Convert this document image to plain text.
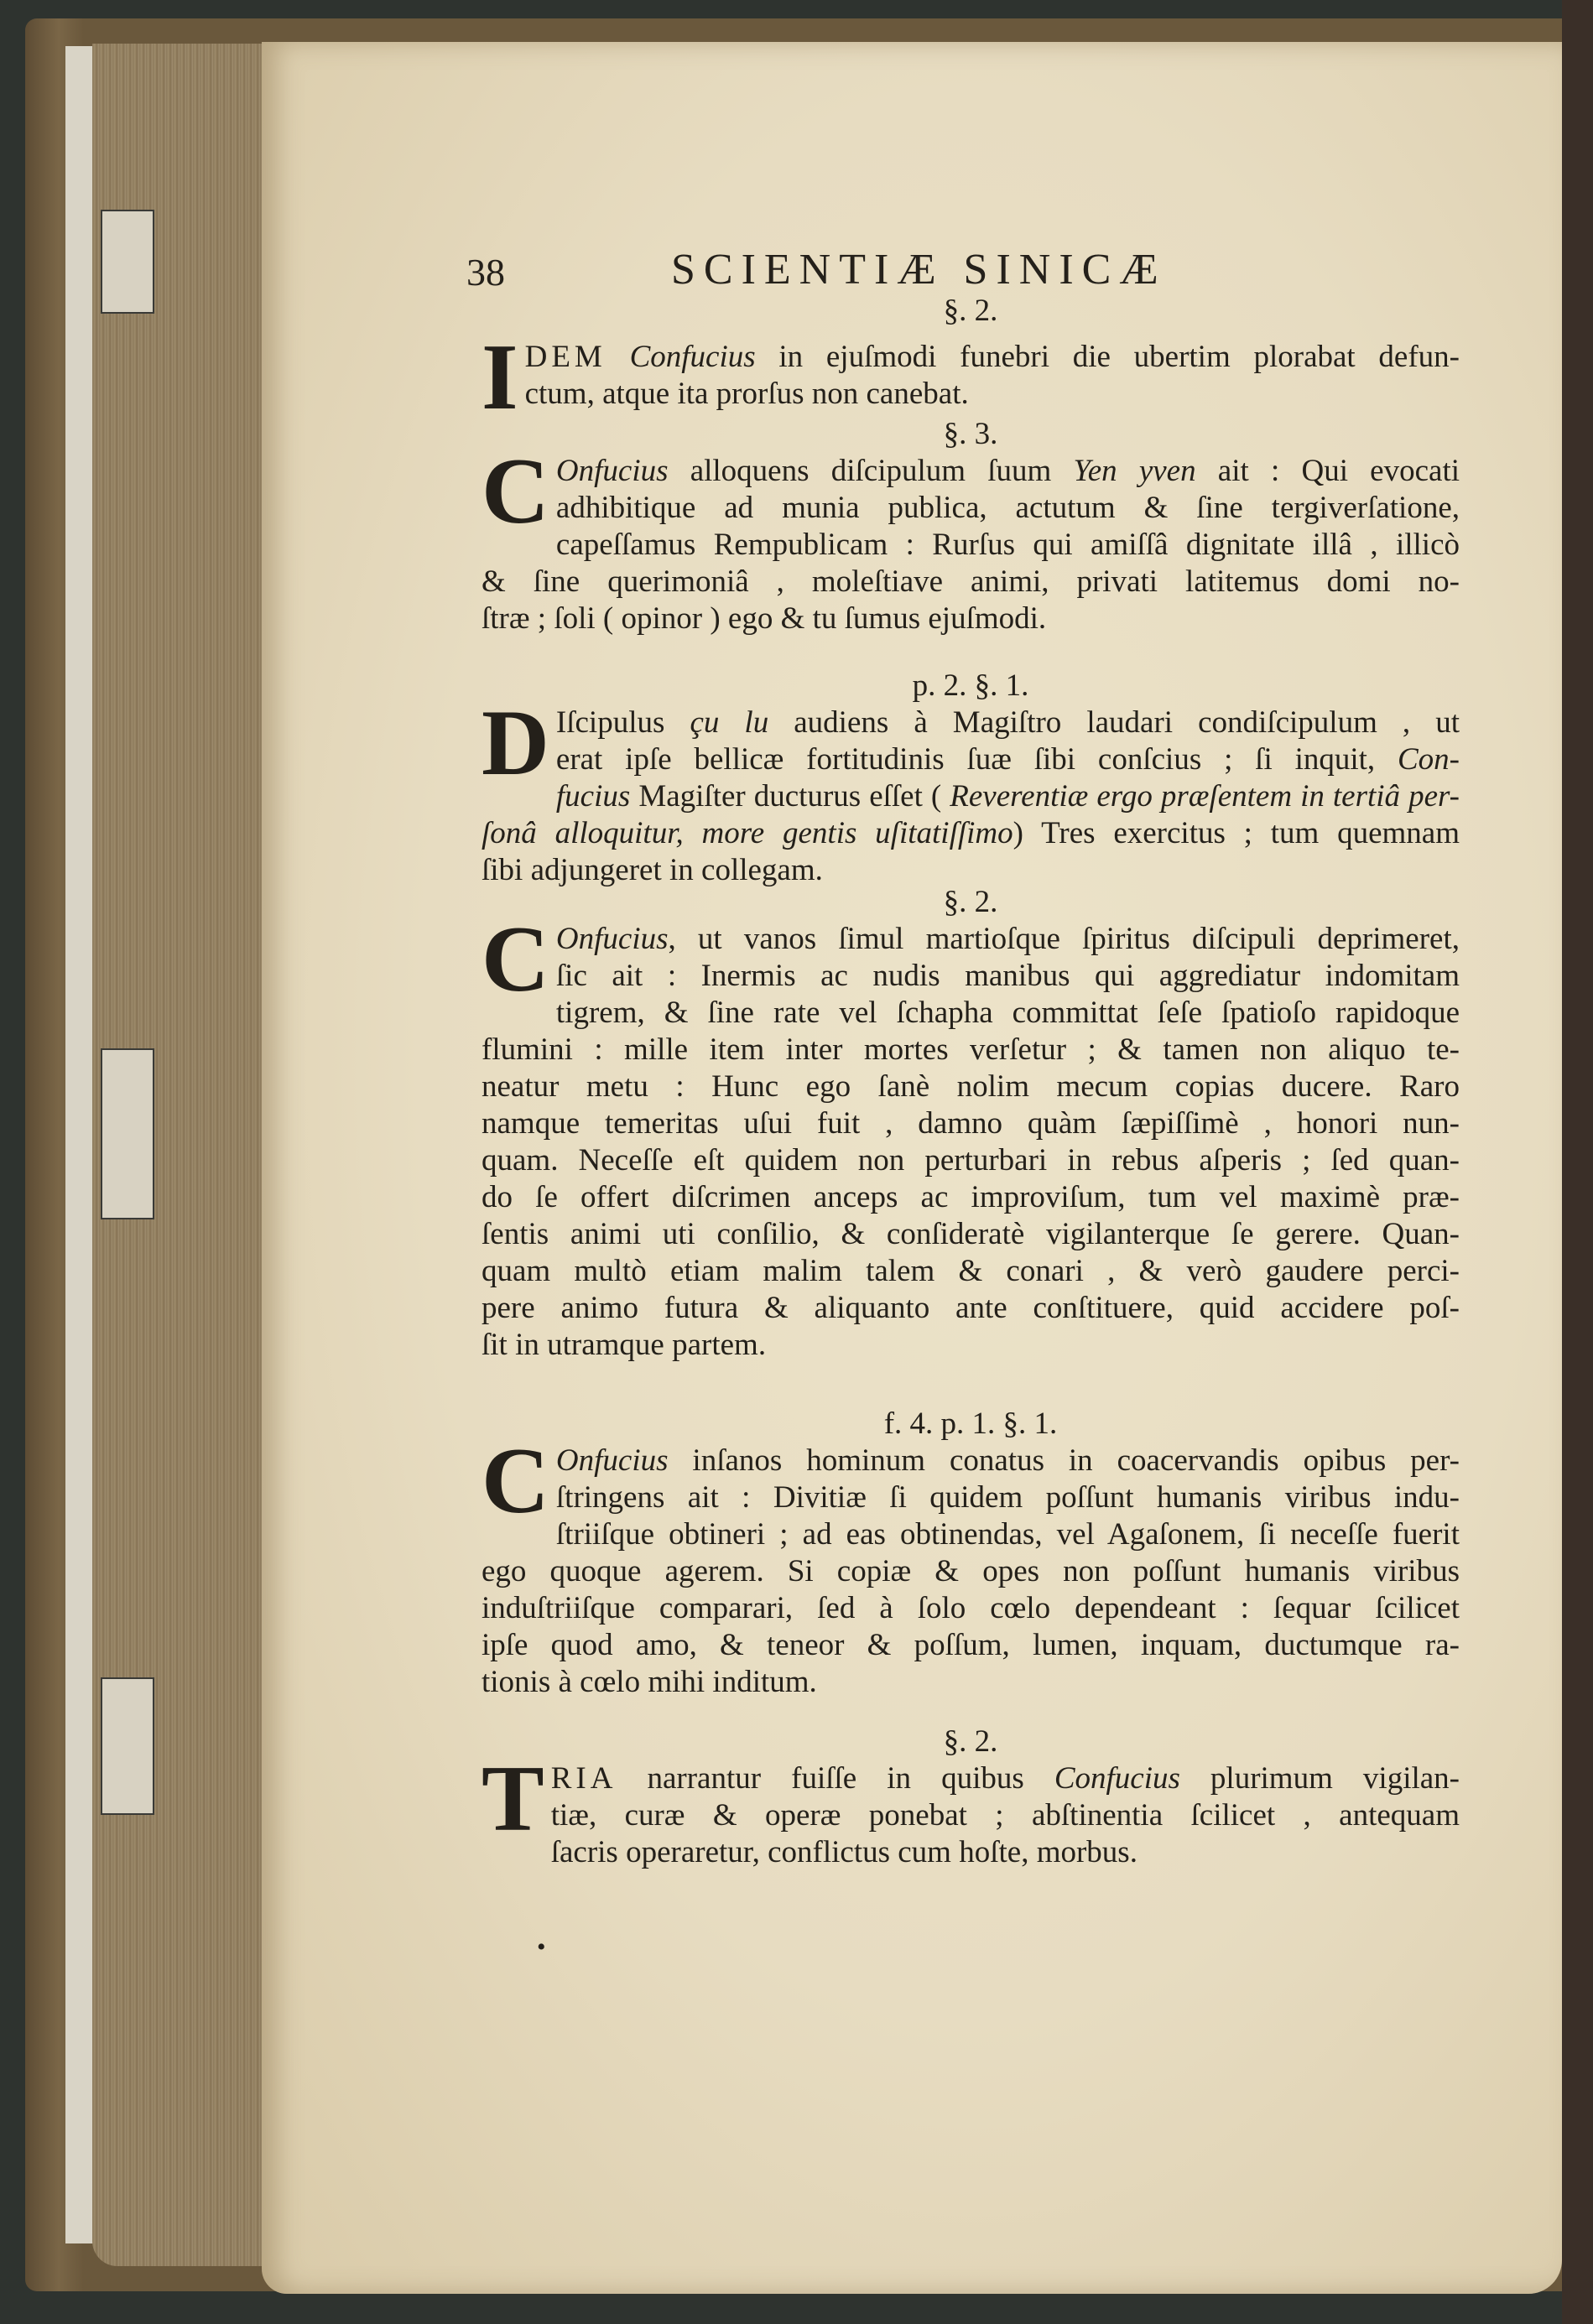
38	SCIENTIÆ SINICÆ
§. 2.
I DEM Confucius in ejuſmodi funebri die ubertim plorabat defun-
ctum, atque ita prorſus non canebat.
§. 3.
C Onfucius alloquens diſcipulum ſuum Yen yven ait : Qui evocati
adhibitique ad munia publica, actutum & ſine tergiverſatione,
capeſſamus Rempublicam : Rurſus qui amiſſâ dignitate illâ , illicò
& ſine querimoniâ , moleſtiave animi, privati latitemus domi no-
ſtræ ; ſoli ( opinor ) ego & tu ſumus ejuſmodi.
p. 2. §. 1.
D Iſcipulus çu lu audiens à Magiſtro laudari condiſcipulum , ut
erat ipſe bellicæ fortitudinis ſuæ ſibi conſcius ; ſi inquit, Con-
fucius Magiſter ducturus eſſet ( Reverentiæ ergo præſentem in tertiâ per-
ſonâ alloquitur, more gentis uſitatiſſimo) Tres exercitus ; tum quemnam
ſibi adjungeret in collegam.
§. 2.
C Onfucius, ut vanos ſimul martioſque ſpiritus diſcipuli deprimeret,
ſic ait : Inermis ac nudis manibus qui aggrediatur indomitam
tigrem, & ſine rate vel ſchapha committat ſeſe ſpatioſo rapidoque
flumini : mille item inter mortes verſetur ; & tamen non aliquo te-
neatur metu : Hunc ego ſanè nolim mecum copias ducere. Raro
namque temeritas uſui fuit , damno quàm ſæpiſſimè , honori nun-
quam. Neceſſe eſt quidem non perturbari in rebus aſperis ; ſed quan-
do ſe offert diſcrimen anceps ac improviſum, tum vel maximè præ-
ſentis animi uti conſilio, & conſideratè vigilanterque ſe gerere. Quan-
quam multò etiam malim talem & conari , & verò gaudere perci-
pere animo futura & aliquanto ante conſtituere, quid accidere poſ-
ſit in utramque partem.
f. 4. p. 1. §. 1.
C Onfucius inſanos hominum conatus in coacervandis opibus per-
ſtringens ait : Divitiæ ſi quidem poſſunt humanis viribus indu-
ſtriiſque obtineri ; ad eas obtinendas, vel Agaſonem, ſi neceſſe fuerit
ego quoque agerem. Si copiæ & opes non poſſunt humanis viribus
induſtriiſque comparari, ſed à ſolo cœlo dependeant : ſequar ſcilicet
ipſe quod amo, & teneor & poſſum, lumen, inquam, ductumque ra-
tionis à cœlo mihi inditum.
§. 2.
T RIA narrantur fuiſſe in quibus Confucius plurimum vigilan-
tiæ, curæ & operæ ponebat ; abſtinentia ſcilicet , antequam
ſacris operaretur, conflictus cum hoſte, morbus.
•
